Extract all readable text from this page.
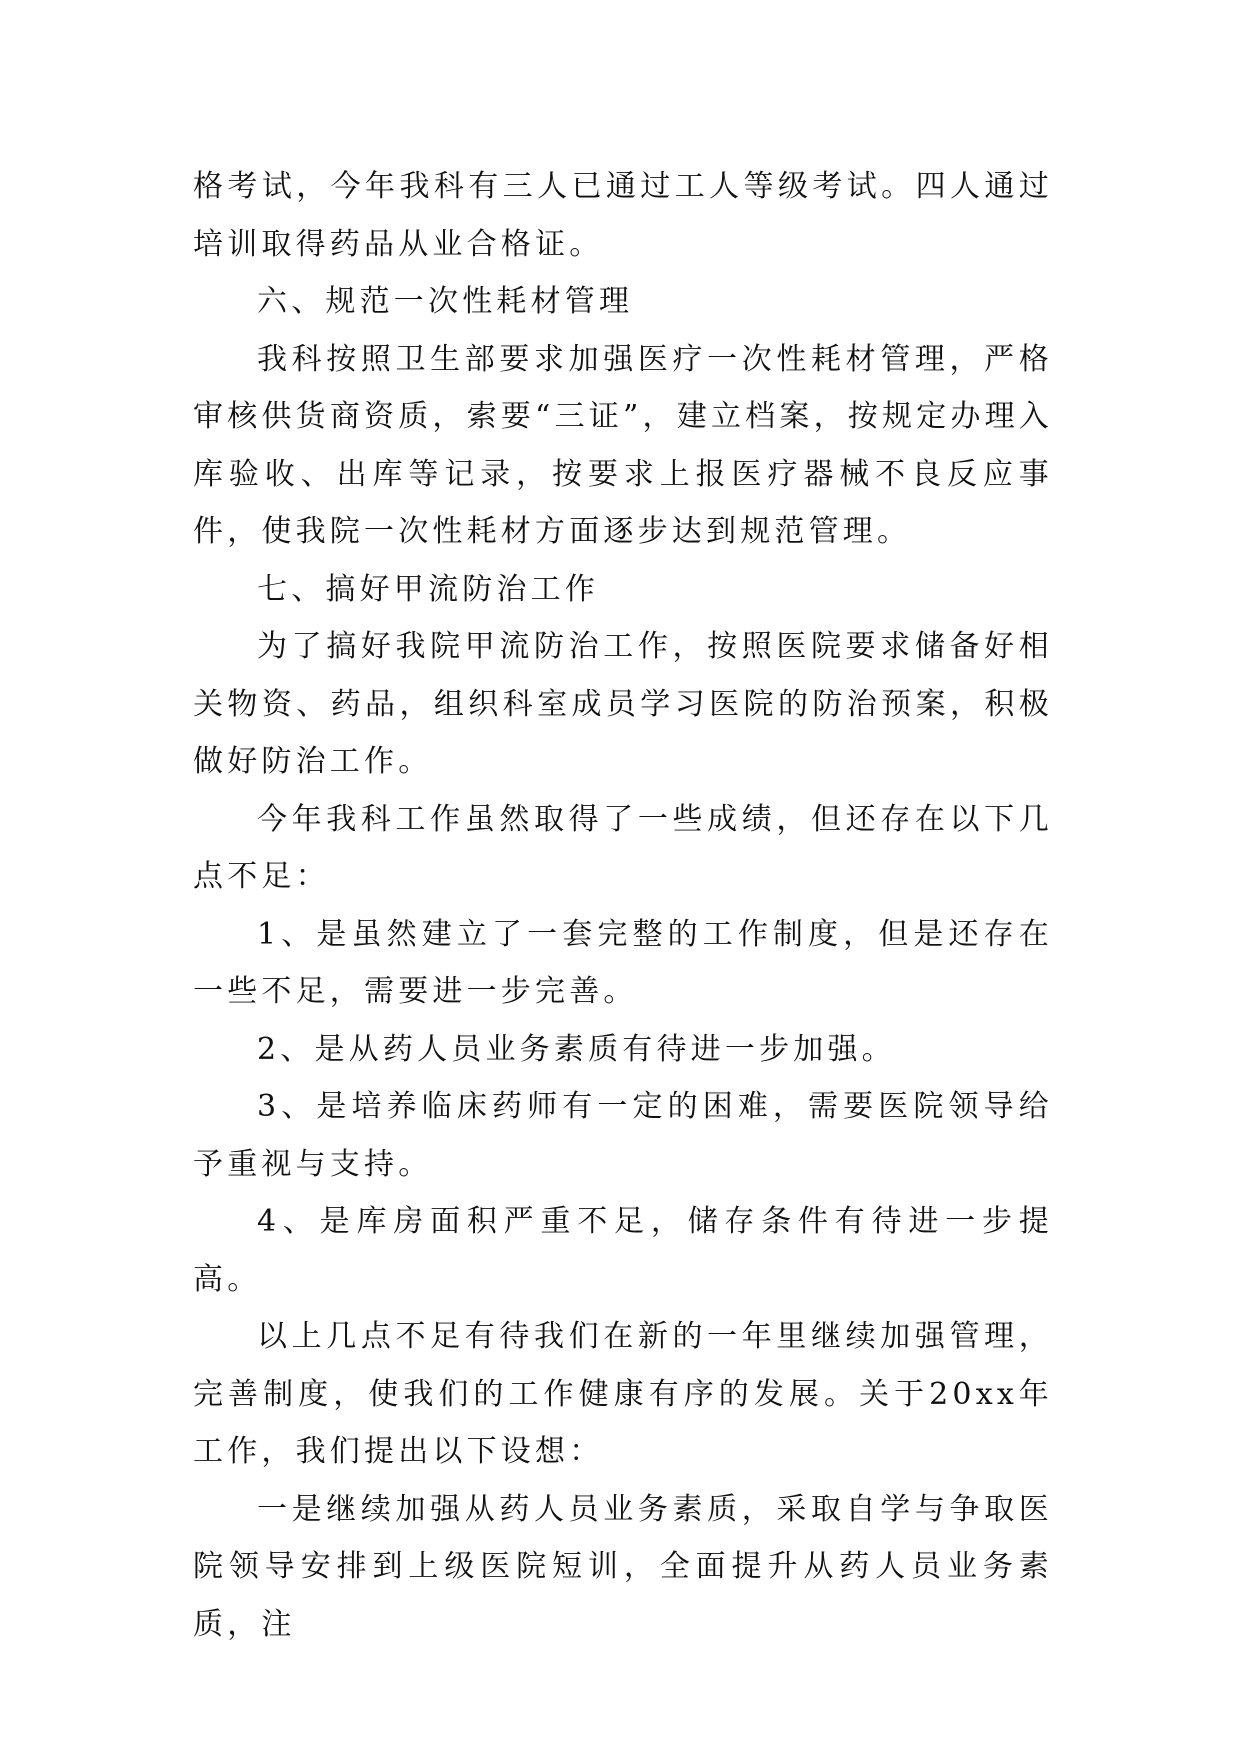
格考试，今年我科有三人已通过工人等级考试。四人通过培训取得药品从业合格证。

六、规范一次性耗材管理

我科按照卫生部要求加强医疗一次性耗材管理，严格审核供货商资质，索要“三证”，建立档案，按规定办理入库验收、出库等记录，按要求上报医疗器械不良反应事件，使我院一次性耗材方面逐步达到规范管理。

七、搞好甲流防治工作

为了搞好我院甲流防治工作，按照医院要求储备好相关物资、药品，组织科室成员学习医院的防治预案，积极做好防治工作。

今年我科工作虽然取得了一些成绩，但还存在以下几点不足：

1、是虽然建立了一套完整的工作制度，但是还存在一些不足，需要进一步完善。

2、是从药人员业务素质有待进一步加强。

3、是培养临床药师有一定的困难，需要医院领导给予重视与支持。

4、是库房面积严重不足，储存条件有待进一步提高。

以上几点不足有待我们在新的一年里继续加强管理，完善制度，使我们的工作健康有序的发展。关于20xx年工作，我们提出以下设想：

一是继续加强从药人员业务素质，采取自学与争取医院领导安排到上级医院短训，全面提升从药人员业务素质，注
